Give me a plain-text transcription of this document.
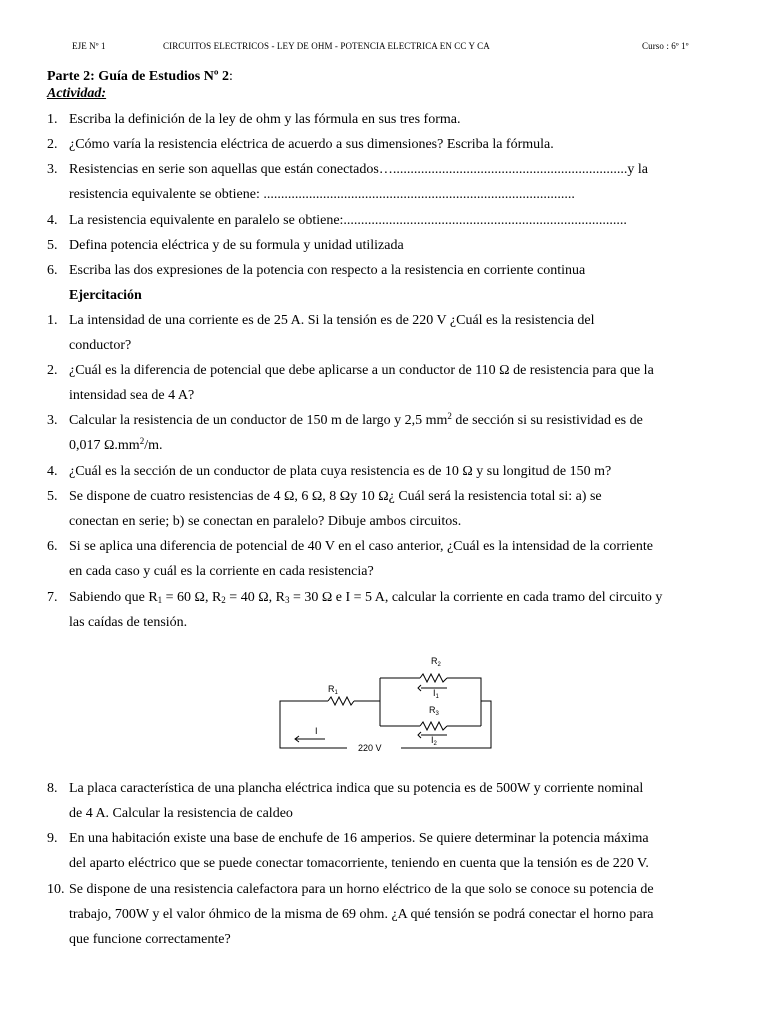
EJE Nº 1	CIRCUITOS ELECTRICOS - LEY DE OHM - POTENCIA ELECTRICA EN CC Y CA	Curso : 6º 1º
Parte 2: Guía de Estudios Nº 2:
Actividad:
1. Escriba la definición de la ley de ohm y las fórmula en sus tres forma.
2. ¿Cómo varía la resistencia eléctrica de acuerdo a sus dimensiones? Escriba la fórmula.
3. Resistencias en serie son aquellas que están conectados…...................................................................y la
resistencia equivalente se obtiene: .........................................................................................
4. La resistencia equivalente en paralelo se obtiene:.................................................................................
5. Defina potencia eléctrica y de su formula y unidad utilizada
6. Escriba las dos expresiones de la potencia con respecto a la resistencia en corriente continua
Ejercitación
1. La intensidad de una corriente es de 25 A. Si la tensión es de 220 V ¿Cuál es la resistencia del
conductor?
2. ¿Cuál es la diferencia de potencial que debe aplicarse a un conductor de 110 Ω de resistencia para que la
intensidad sea de 4 A?
3. Calcular la resistencia de un conductor de 150 m de largo y 2,5 $mm^2$ de sección si su resistividad es de
0,017 $\Omega.mm^2/m$.
4. ¿Cuál es la sección de un conductor de plata cuya resistencia es de 10 Ω y su longitud de 150 m?
5. Se dispone de cuatro resistencias de 4 Ω, 6 Ω, 8 Ωy 10 Ω¿ Cuál será la resistencia total si: a) se
conectan en serie; b) se conectan en paralelo? Dibuje ambos circuitos.
6. Si se aplica una diferencia de potencial de 40 V en el caso anterior, ¿Cuál es la intensidad de la corriente
en cada caso y cuál es la corriente en cada resistencia?
7. Sabiendo que $R_1 = 60$ Ω, $R_2 = 40$ Ω, $R_3 = 30$ Ω e I = 5 A, calcular la corriente en cada tramo del circuito y
las caídas de tensión.
$R_1$
$R_2$
$R_3$
I
$I_1$
$I_2$
220 V
8. La placa característica de una plancha eléctrica indica que su potencia es de 500W y corriente nominal
de 4 A. Calcular la resistencia de caldeo
9. En una habitación existe una base de enchufe de 16 amperios. Se quiere determinar la potencia máxima
del aparto eléctrico que se puede conectar tomacorriente, teniendo en cuenta que la tensión es de 220 V.
10. Se dispone de una resistencia calefactora para un horno eléctrico de la que solo se conoce su potencia de
trabajo, 700W y el valor óhmico de la misma de 69 ohm. ¿A qué tensión se podrá conectar el horno para
que funcione correctamente?
